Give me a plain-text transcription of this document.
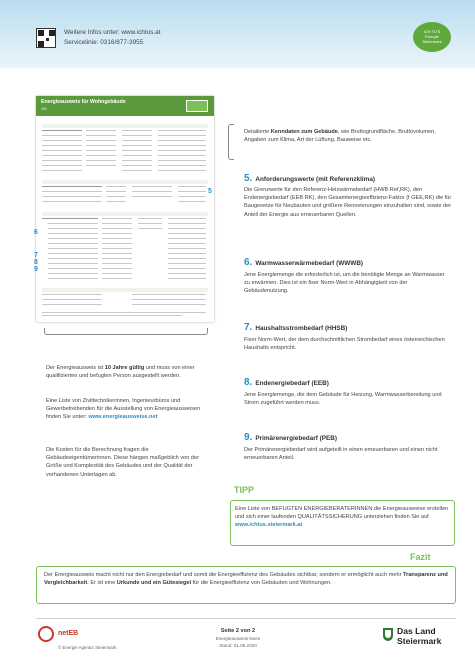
Weitere Infos unter: www.ichtus.at
Servicelinie: 0316/877-3955
ICH TU'S
Energie
Steiermark
Energieausweis für Wohngebäude
OIB
5
6
7
8
9
Detailierte Kenndaten zum Gebäude, wie Bruttogrundfläche, Bruttovolumen, Angaben zum Klima, Art der Lüftung, Bauweise etc.
5. Anforderungswerte (mit Referenzklima)
Die Grenzwerte für den Referenz-Heizwärmebedarf (HWB Ref,RK), den Endenergiebedarf (EEB RK), den Gesamtenergieeffizienz-Faktor (f GEE,RK) die für Baugesetze für Neubauten und größere Renovierungen einzuhalten sind, sowie der Anteil der Energie aus erneuerbaren Quellen.
6. Warmwasserwärmebedarf (WWWB)
Jene Energiemenge die erforderlich ist, um die benötigte Menge an Warmwasser zu erwärmen. Dies ist ein fixer Norm-Wert in Abhängigkeit von der Gebäudenutzung.
7. Haushaltsstrombedarf (HHSB)
Fixer Norm-Wert, der dem durchschnittlichen Strombedarf eines österreichischen Haushalts entspricht.
8. Endenergiebedarf (EEB)
Jene Energiemenge, die dem Gebäude für Heizung, Warmwasserbereitung und Strom zugeführt werden muss.
9. Primärenergiebedarf (PEB)
Der Primärenergiebedarf wird aufgeteilt in einen erneuerbaren und einen nicht erneuerbaren Anteil.
Der Energieausweis ist 10 Jahre gültig und muss von einer qualifizierten und befugten Person ausgestellt werden.
Eine Liste von Ziviltechnikerinnen, Ingenieurbüros und Gewerbetreibenden für die Ausstellung von Energieausweisen finden Sie unter: www.energieausweise.net
Die Kosten für die Berechnung fragen die Gebäudeeigentümerinnen. Diese hängen maßgeblich von der Größe und Komplexität des Gebäudes und der Qualität der vorhandenen Unterlagen ab.
TIPP
Eine Liste von BEFUGTEN ENERGIEBERATERINNEN die Energieausweise erstellen und sich einer laufenden QUALITÄTSSICHERUNG unterziehen finden Sie auf www.ichtus.steiermark.at
Fazit
Der Energieausweis macht nicht nur den Energiebedarf und somit die Energieeffizienz des Gebäudes sichtbar, sondern er ermöglicht auch mehr Transparenz und Vergleichbarkeit. Er ist eine Urkunde und ein Gütesiegel für die Energieeffizienz von Gebäuden und Wohnungen.
netEB
© Energie Agentur Steiermark
Seite 2 von 2
Energieausweis lesen
Stand: 01.06.2020
Das Land
Steiermark
